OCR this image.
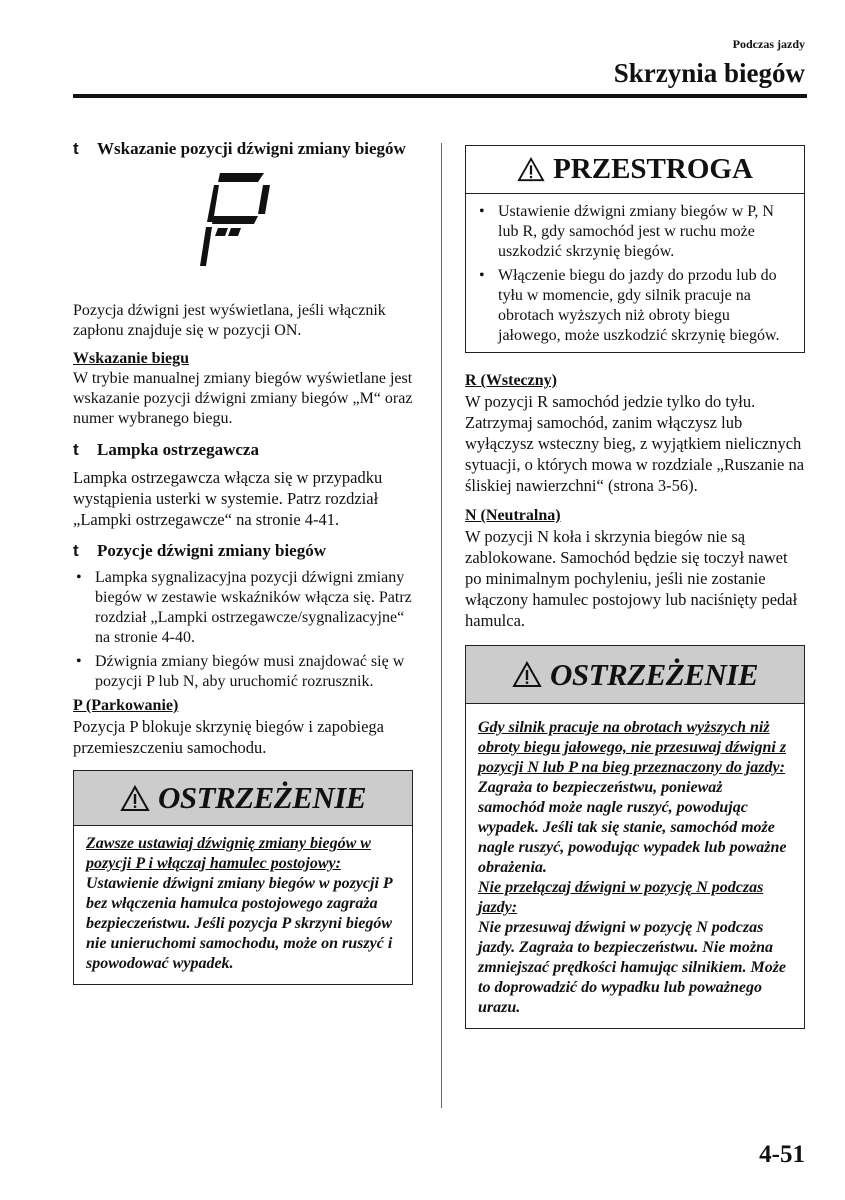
Podczas jazdy
Skrzynia biegów
t	Wskazanie pozycji dźwigni zmiany biegów

Pozycja dźwigni jest wyświetlana, jeśli włącznik zapłonu znajduje się w pozycji ON.

Wskazanie biegu

W trybie manualnej zmiany biegów wyświetlane jest wskazanie pozycji dźwigni zmiany biegów „M“ oraz numer wybranego biegu.

t	Lampka ostrzegawcza

Lampka ostrzegawcza włącza się w przypadku wystąpienia usterki w systemie. Patrz rozdział „Lampki ostrzegawcze“ na stronie 4-41.

t	Pozycje dźwigni zmiany biegów
• Lampka sygnalizacyjna pozycji dźwigni zmiany biegów w zestawie wskaźników włącza się. Patrz rozdział „Lampki ostrzegawcze/sygnalizacyjne“ na stronie 4-40.
• Dźwignia zmiany biegów musi znajdować się w pozycji P lub N, aby uruchomić rozrusznik.
P (Parkowanie)

Pozycja P blokuje skrzynię biegów i zapobiega przemieszczeniu samochodu.

OSTRZEŻENIE
Zawsze ustawiaj dźwignię zmiany biegów w pozycji P i włączaj hamulec postojowy:
Ustawienie dźwigni zmiany biegów w pozycji P bez włączenia hamulca postojowego zagraża bezpieczeństwu. Jeśli pozycja P skrzyni biegów nie unieruchomi samochodu, może on ruszyć i spowodować wypadek.
PRZESTROGA
• Ustawienie dźwigni zmiany biegów w P, N lub R, gdy samochód jest w ruchu może uszkodzić skrzynię biegów.
• Włączenie biegu do jazdy do przodu lub do tyłu w momencie, gdy silnik pracuje na obrotach wyższych niż obroty biegu jałowego, może uszkodzić skrzynię biegów.
R (Wsteczny)

W pozycji R samochód jedzie tylko do tyłu. Zatrzymaj samochód, zanim włączysz lub wyłączysz wsteczny bieg, z wyjątkiem nielicznych sytuacji, o których mowa w rozdziale „Ruszanie na śliskiej nawierzchni“ (strona 3-56).

N (Neutralna)

W pozycji N koła i skrzynia biegów nie są zablokowane. Samochód będzie się toczył nawet po minimalnym pochyleniu, jeśli nie zostanie włączony hamulec postojowy lub naciśnięty pedał hamulca.

OSTRZEŻENIE
Gdy silnik pracuje na obrotach wyższych niż obroty biegu jałowego, nie przesuwaj dźwigni z pozycji N lub P na bieg przeznaczony do jazdy:
Zagraża to bezpieczeństwu, ponieważ samochód może nagle ruszyć, powodując wypadek. Jeśli tak się stanie, samochód może nagle ruszyć, powodując wypadek lub poważne obrażenia.
Nie przełączaj dźwigni w pozycję N podczas jazdy:
Nie przesuwaj dźwigni w pozycję N podczas jazdy. Zagraża to bezpieczeństwu. Nie można zmniejszać prędkości hamując silnikiem. Może to doprowadzić do wypadku lub poważnego urazu.
4-51
